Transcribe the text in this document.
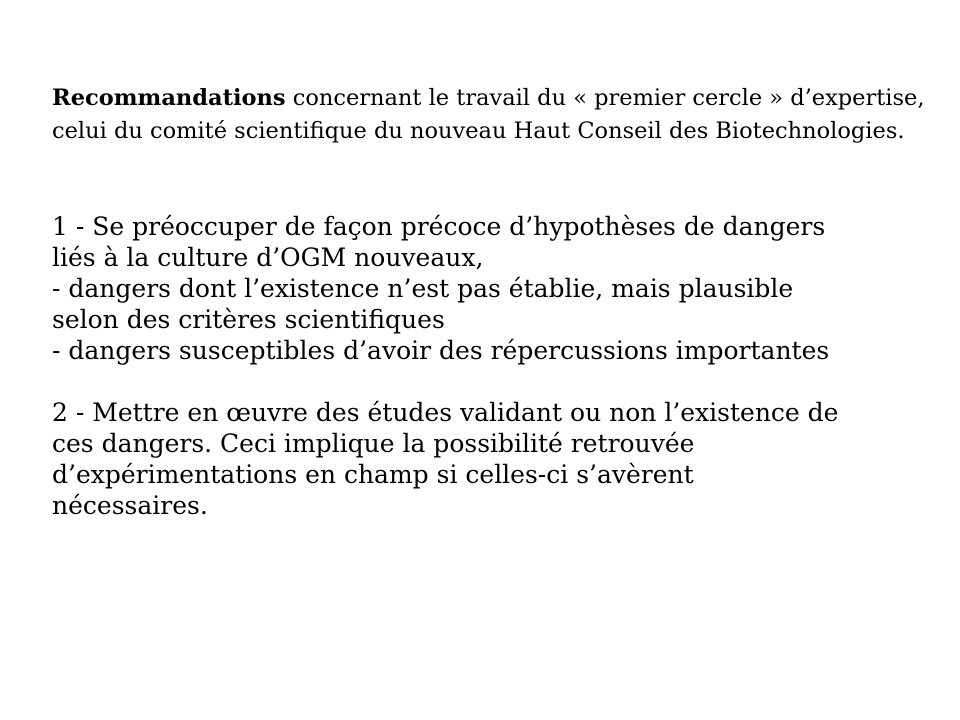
Recommandations concernant le travail du « premier cercle » d’expertise, celui du comité scientifique du nouveau Haut Conseil des Biotechnologies.

1 - Se préoccuper de façon précoce d’hypothèses de dangers
liés à la culture d’OGM nouveaux,
- dangers dont l’existence n’est pas établie, mais plausible
selon des critères scientifiques
- dangers susceptibles d’avoir des répercussions importantes
2 - Mettre en œuvre des études validant ou non l’existence de
ces dangers. Ceci implique la possibilité retrouvée
d’expérimentations en champ si celles-ci s’avèrent
nécessaires.
